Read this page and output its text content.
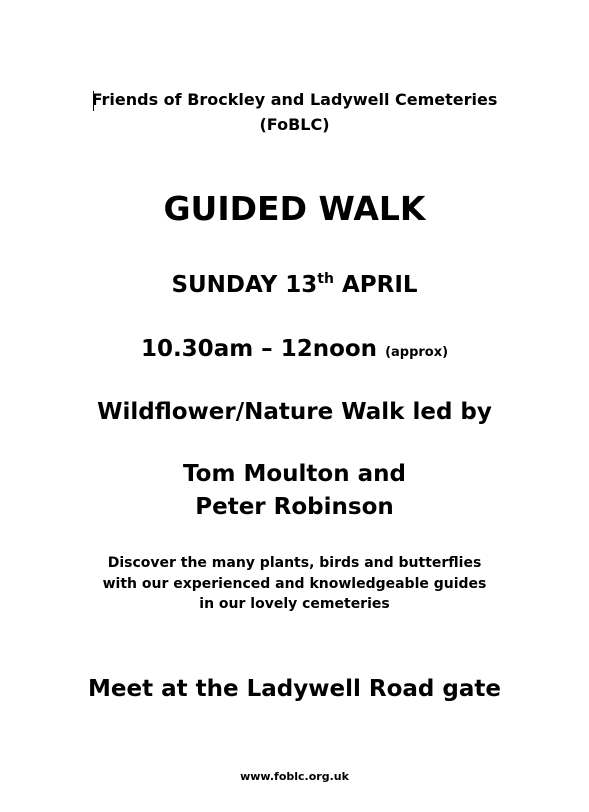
Friends of Brockley and Ladywell Cemeteries
(FoBLC)
GUIDED WALK
SUNDAY 13th APRIL
10.30am – 12noon (approx)
Wildflower/Nature Walk led by
Tom Moulton and
Peter Robinson
Discover the many plants, birds and butterflies
with our experienced and knowledgeable guides
in our lovely cemeteries
Meet at the Ladywell Road gate
www.foblc.org.uk
